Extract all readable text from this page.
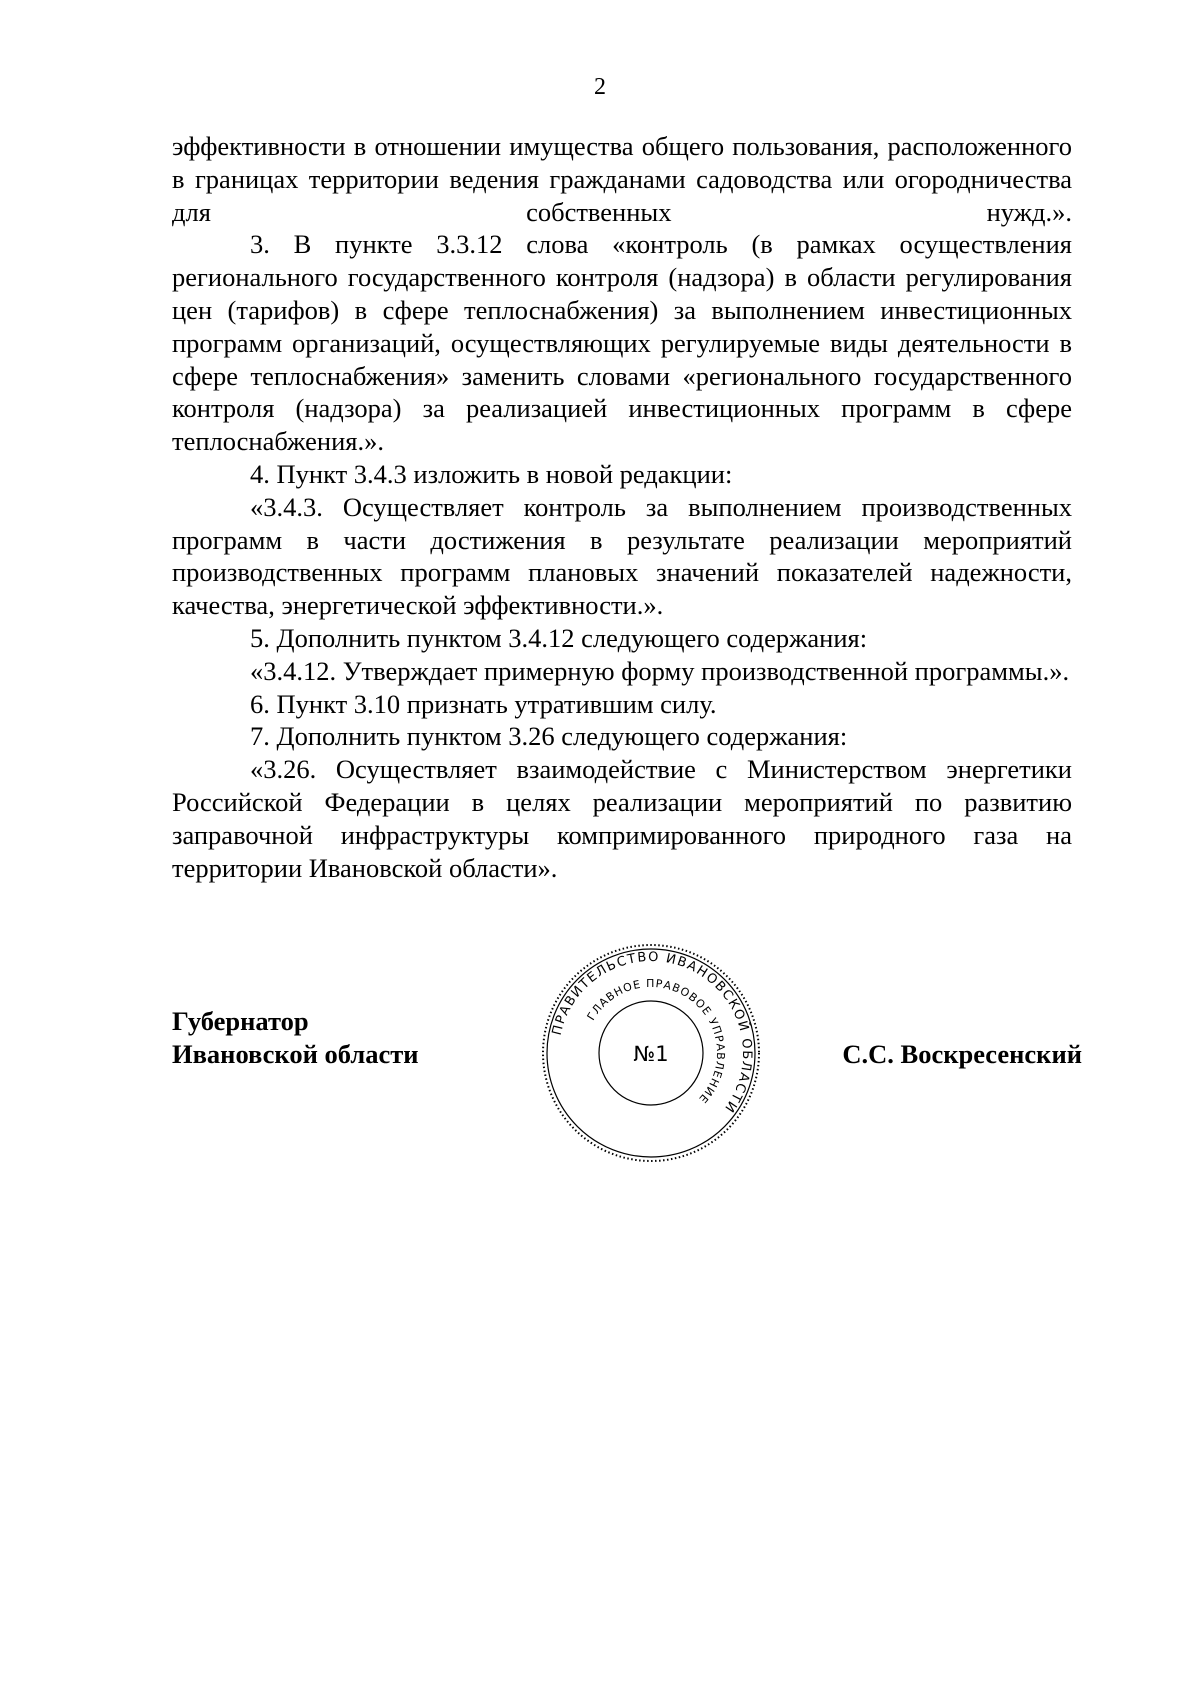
2

эффективности в отношении имущества общего пользования, расположенного в границах территории ведения гражданами садоводства или огородничества для собственных нужд.».

3. В пункте 3.3.12 слова «контроль (в рамках осуществления регионального государственного контроля (надзора) в области регулирования цен (тарифов) в сфере теплоснабжения) за выполнением инвестиционных программ организаций, осуществляющих регулируемые виды деятельности в сфере теплоснабжения» заменить словами «регионального государственного контроля (надзора) за реализацией инвестиционных программ в сфере теплоснабжения.».

4. Пункт 3.4.3 изложить в новой редакции:

«3.4.3. Осуществляет контроль за выполнением производственных программ в части достижения в результате реализации мероприятий производственных программ плановых значений показателей надежности, качества, энергетической эффективности.».

5. Дополнить пунктом 3.4.12 следующего содержания:

«3.4.12. Утверждает примерную форму производственной программы.».

6. Пункт 3.10 признать утратившим силу.

7. Дополнить пунктом 3.26 следующего содержания:

«3.26. Осуществляет взаимодействие с Министерством энергетики Российской Федерации в целях реализации мероприятий по развитию заправочной инфраструктуры компримированного природного газа на территории Ивановской области».

Губернатор
Ивановской области	С.С. Воскресенский
ПРАВИТЕЛЬСТВО ИВАНОВСКОЙ ОБЛАСТИ
ГЛАВНОЕ ПРАВОВОЕ УПРАВЛЕНИЕ
№1
